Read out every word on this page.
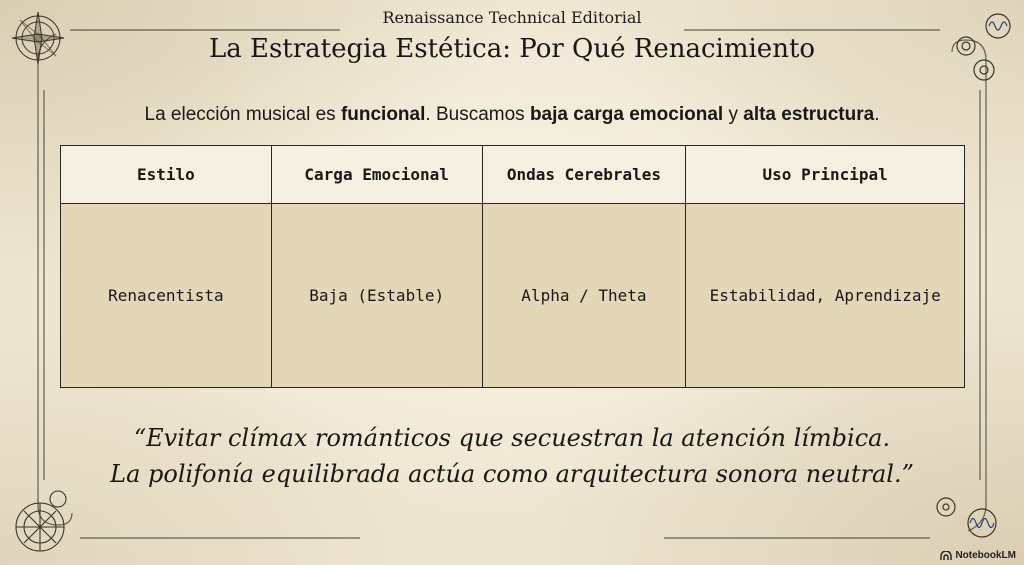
Renaissance Technical Editorial
La Estrategia Estética: Por Qué Renacimiento
La elección musical es funcional. Buscamos baja carga emocional y alta estructura.
Estilo	Carga Emocional	Ondas Cerebrales	Uso Principal
Renacentista	Baja (Estable)	Alpha / Theta	Estabilidad, Aprendizaje
“Evitar clímax románticos que secuestran la atención límbica.
La polifonía equilibrada actúa como arquitectura sonora neutral.”
NotebookLM
